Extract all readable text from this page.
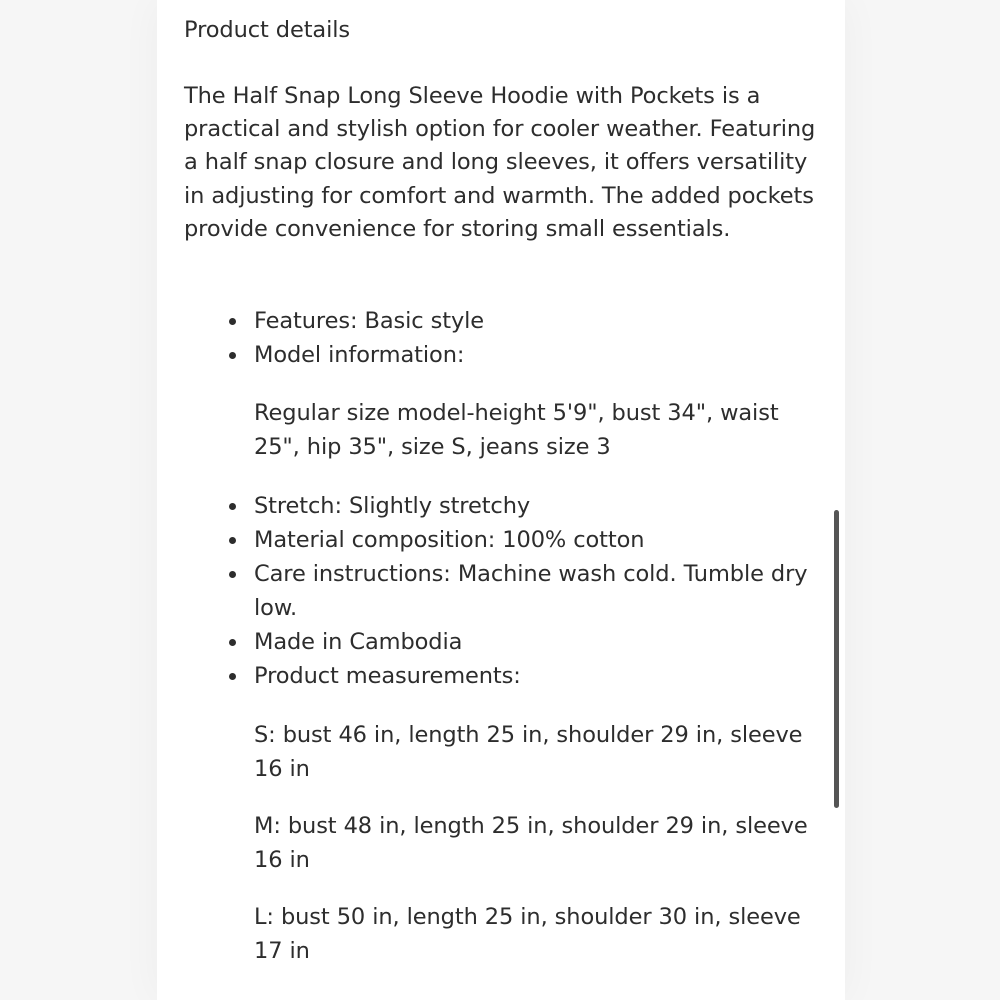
Product details

The Half Snap Long Sleeve Hoodie with Pockets is a practical and stylish option for cooler weather. Featuring a half snap closure and long sleeves, it offers versatility in adjusting for comfort and warmth. The added pockets provide convenience for storing small essentials.

Features: Basic style
Model information:

Regular size model-height 5'9", bust 34", waist 25", hip 35", size S, jeans size 3

Stretch: Slightly stretchy
Material composition: 100% cotton
Care instructions: Machine wash cold. Tumble dry low.
Made in Cambodia
Product measurements:

S: bust 46 in, length 25 in, shoulder 29 in, sleeve 16 in

M: bust 48 in, length 25 in, shoulder 29 in, sleeve 16 in

L: bust 50 in, length 25 in, shoulder 30 in, sleeve 17 in
